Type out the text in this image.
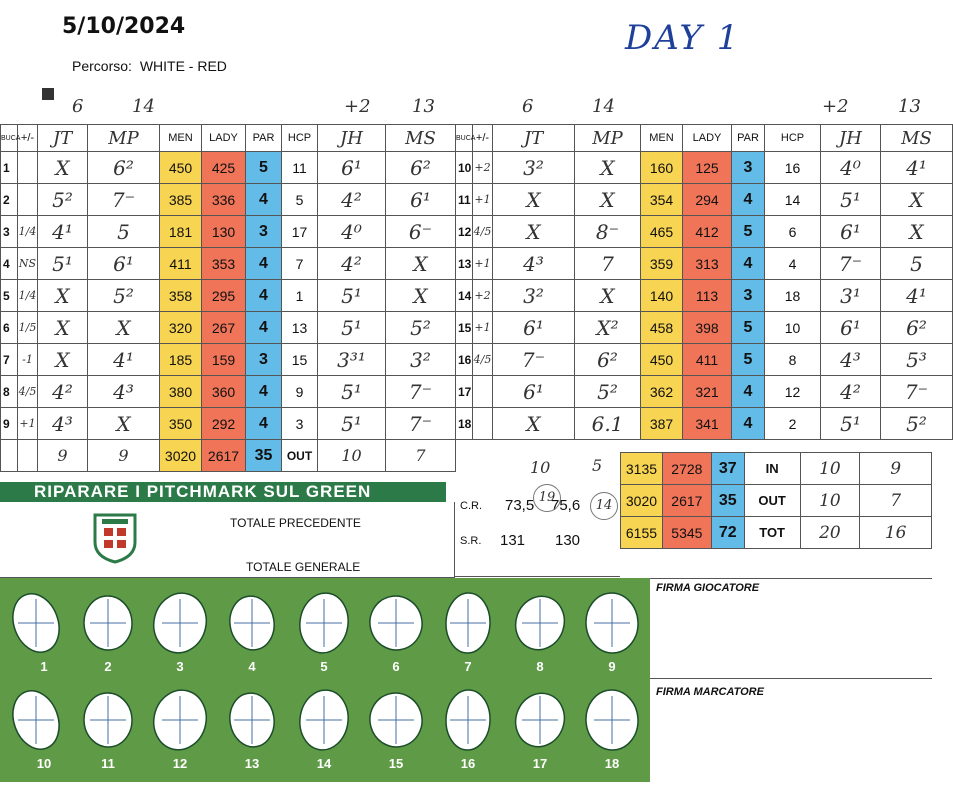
5/10/2024	DAY 1
Percorso: WHITE - RED
6	14	+2 13	6	14	+2	13
BUCA	+/-	JT	MP	MEN	LADY	PAR	HCP	JH	MS
1		X	6²	450	425	5	11	6¹	6²
2		5²	7⁻	385	336	4	5	4²	6¹
3	1/4	4¹	5	181	130	3	17	4⁰	6⁻
4	NS	5¹	6¹	411	353	4	7	4²	X
5	1/4	X	5²	358	295	4	1	5¹	X
6	1/5	X	X	320	267	4	13	5¹	5²
7	-1	X	4¹	185	159	3	15	3³¹	3²
8	4/5	4²	4³	380	360	4	9	5¹	7⁻
9	+1	4³	X	350	292	4	3	5¹	7⁻
		9	9	3020	2617	35	OUT	10	7
BUCA	+/-	JT	MP	MEN	LADY	PAR	HCP	JH	MS
10	+2	3²	X	160	125	3	16	4⁰	4¹
11	+1	X	X	354	294	4	14	5¹	X
12	4/5	X	8⁻	465	412	5	6	6¹	X
13	+1	4³	7	359	313	4	4	7⁻	5
14	+2	3²	X	140	113	3	18	3¹	4¹
15	+1	6¹	X²	458	398	5	10	6¹	6²
16	4/5	7⁻	6²	450	411	5	8	4³	5³
17		6¹	5²	362	321	4	12	4²	7⁻
18		X	6.1	387	341	4	2	5¹	5²
10	5 3135	2728	37	IN	10	9
3020	2617	35	OUT	10	7
6155	5345	72	TOT	20	16
RIPARARE I PITCHMARK SUL GREEN
TOTALE PRECEDENTE
TOTALE GENERALE
C.R. 73,5 75,6
19
14
S.R. 131 130
1	2	3	4	5	6	7	8	9
10	11	12	13	14	15	16	17	18
FIRMA GIOCATORE
FIRMA MARCATORE
